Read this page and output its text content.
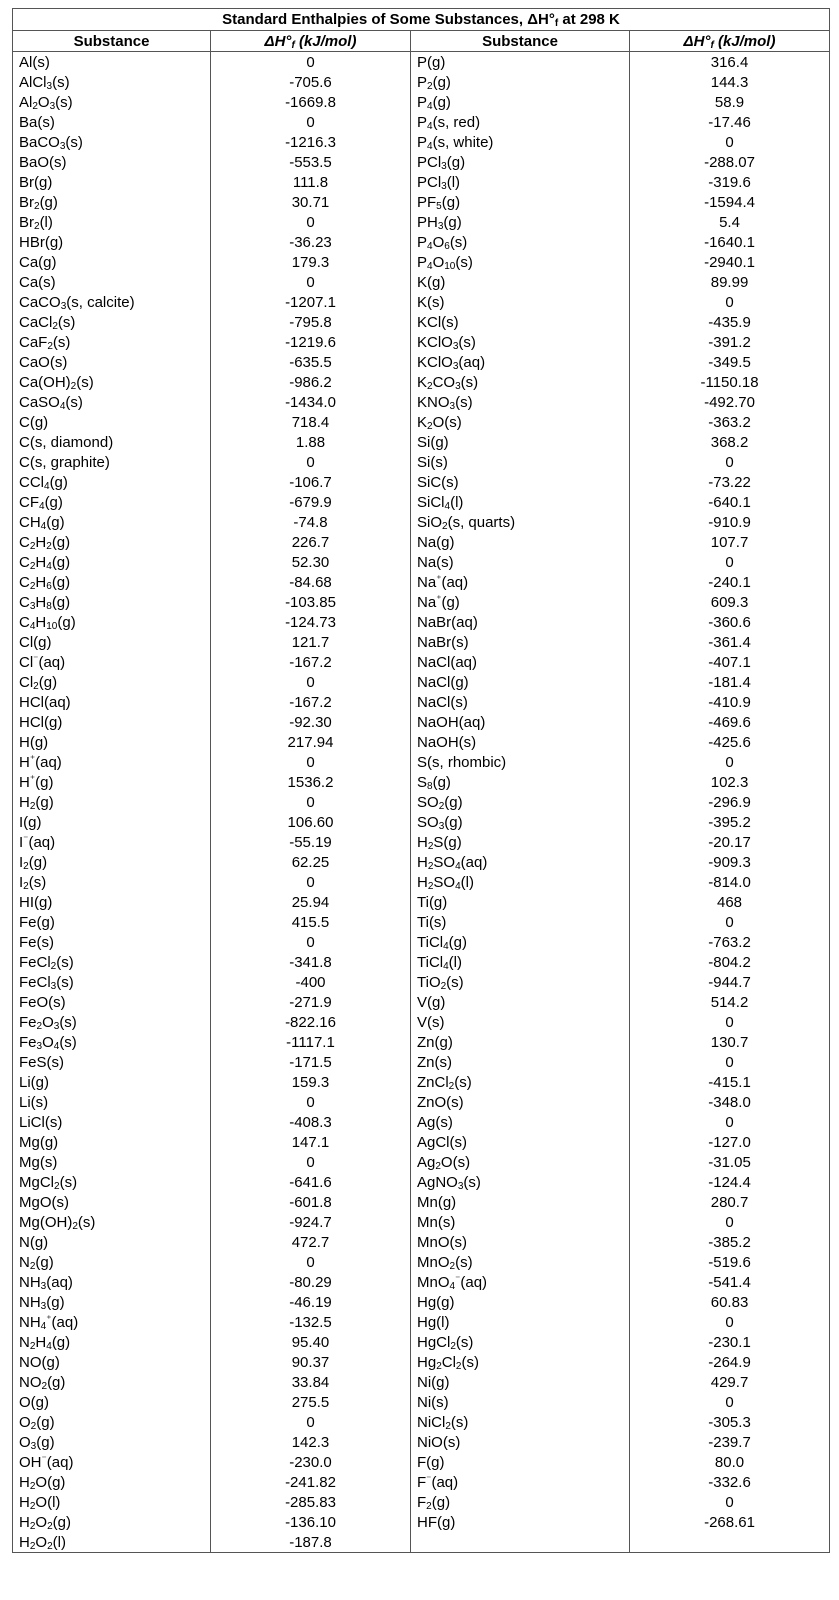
Standard Enthalpies of Some Substances, $\Delta H^\circ_f$ at 298 K			
Substance	$\Delta H^\circ_f$ (kJ/mol)	Substance	$\Delta H^\circ_f$ (kJ/mol)
Al(s)	0	P(g)	316.4
AlCl$_3$(s)	-705.6	$P_2(g)$	144.3
$Al_2O_3(s)$	-1669.8	$P_4(g)$	58.9
Ba(s)	0	$P_4(s$, red)	-17.46
BaCO$_3$(s)	-1216.3	$P_4(s$, white)	0
BaO(s)	-553.5	PCl$_3$(g)	-288.07
Br(g)	111.8	PCl$_3$(l)	-319.6
$Br_2(g)$	30.71	$PF_5(g)$	-1594.4
$Br_2(l)$	0	$PH_3(g)$	5.4
HBr(g)	-36.23	$P_4O_6(s)$	-1640.1
Ca(g)	179.3	$P_4O_{10}(s)$	-2940.1
Ca(s)	0	K(g)	89.99
CaCO$_3$(s, calcite)	-1207.1	K(s)	0
CaCl$_2$(s)	-795.8	KCl(s)	-435.9
CaF$_2$(s)	-1219.6	KClO$_3$(s)	-391.2
CaO(s)	-635.5	KClO$_3$(aq)	-349.5
$Ca(OH)_2(s)$	-986.2	$K_2CO_3(s)$	-1150.18
CaSO$_4$(s)	-1434.0	$KNO_3(s)$	-492.70
C(g)	718.4	$K_2O(s)$	-363.2
C(s, diamond)	1.88	Si(g)	368.2
C(s, graphite)	0	Si(s)	0
CCl$_4$(g)	-106.7	SiC(s)	-73.22
$CF_4(g)$	-679.9	SiCl$_4$(l)	-640.1
$CH_4(g)$	-74.8	SiO$_2$(s, quarts)	-910.9
$C_2H_2(g)$	226.7	Na(g)	107.7
$C_2H_4(g)$	52.30	Na(s)	0
$C_2H_6(g)$	-84.68	Na⁺(aq)	-240.1
$C_3H_8(g)$	-103.85	Na⁺(g)	609.3
$C_4H_{10}(g)$	-124.73	NaBr(aq)	-360.6
Cl(g)	121.7	NaBr(s)	-361.4
Cl⁻(aq)	-167.2	NaCl(aq)	-407.1
$Cl_2(g)$	0	NaCl(g)	-181.4
HCl(aq)	-167.2	NaCl(s)	-410.9
HCl(g)	-92.30	NaOH(aq)	-469.6
H(g)	217.94	NaOH(s)	-425.6
H⁺(aq)	0	S(s, rhombic)	0
H⁺(g)	1536.2	$S_8(g)$	102.3
$H_2(g)$	0	$SO_2(g)$	-296.9
I(g)	106.60	$SO_3(g)$	-395.2
I⁻(aq)	-55.19	$H_2S(g)$	-20.17
$I_2(g)$	62.25	$H_2SO_4(aq)$	-909.3
$I_2(s)$	0	$H_2SO_4(l)$	-814.0
HI(g)	25.94	Ti(g)	468
Fe(g)	415.5	Ti(s)	0
Fe(s)	0	TiCl$_4$(g)	-763.2
FeCl$_2$(s)	-341.8	TiCl$_4$(l)	-804.2
FeCl$_3$(s)	-400	TiO$_2$(s)	-944.7
FeO(s)	-271.9	V(g)	514.2
$Fe_2O_3(s)$	-822.16	V(s)	0
$Fe_3O_4(s)$	-1117.1	Zn(g)	130.7
FeS(s)	-171.5	Zn(s)	0
Li(g)	159.3	ZnCl$_2$(s)	-415.1
Li(s)	0	ZnO(s)	-348.0
LiCl(s)	-408.3	Ag(s)	0
Mg(g)	147.1	AgCl(s)	-127.0
Mg(s)	0	$Ag_2O(s)$	-31.05
MgCl$_2$(s)	-641.6	AgNO$_3$(s)	-124.4
MgO(s)	-601.8	Mn(g)	280.7
$Mg(OH)_2(s)$	-924.7	Mn(s)	0
N(g)	472.7	MnO(s)	-385.2
$N_2(g)$	0	MnO$_2$(s)	-519.6
$NH_3(aq)$	-80.29	MnO$_4$⁻(aq)	-541.4
$NH_3(g)$	-46.19	Hg(g)	60.83
$NH_4^{^+}(aq)$	-132.5	Hg(l)	0
$N_2H_4(g)$	95.40	HgCl$_2$(s)	-230.1
NO(g)	90.37	$Hg_2Cl_2(s)$	-264.9
$NO_2(g)$	33.84	Ni(g)	429.7
O(g)	275.5	Ni(s)	0
$O_2(g)$	0	NiCl$_2$(s)	-305.3
$O_3(g)$	142.3	NiO(s)	-239.7
OH⁻(aq)	-230.0	F(g)	80.0
$H_2O(g)$	-241.82	F⁻(aq)	-332.6
$H_2O(l)$	-285.83	$F_2(g)$	0
$H_2O_2(g)$	-136.10	HF(g)	-268.61
$H_2O_2(l)$	-187.8		
